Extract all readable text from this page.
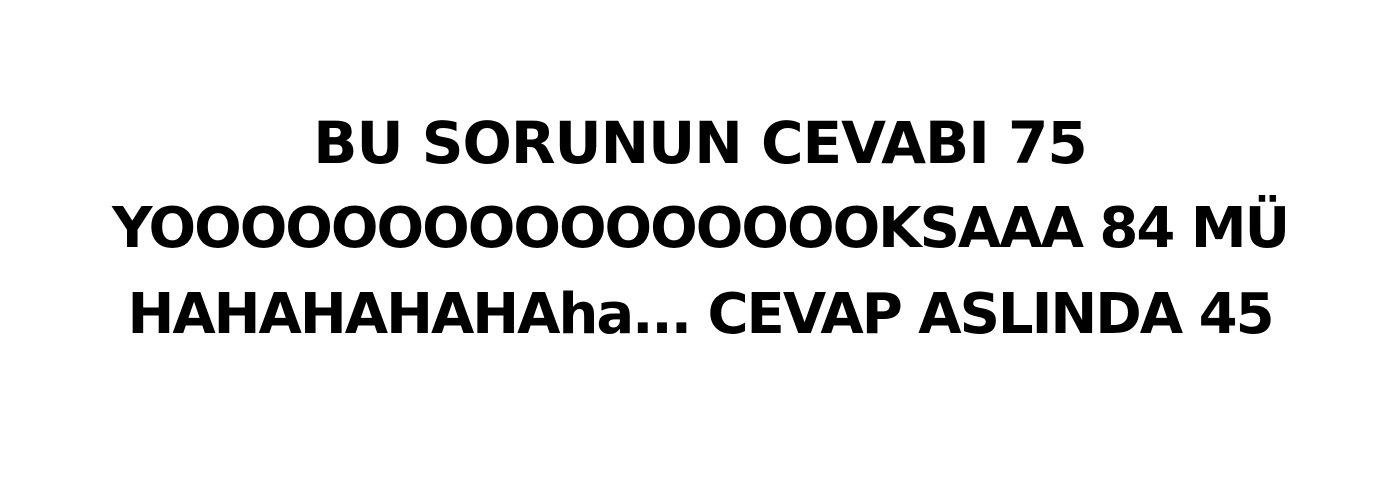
BU SORUNUN CEVABI 75
YOOOOOOOOOOOOOOOOKSAAA 84 MÜ
HAHAHAHAHAha... CEVAP ASLINDA 45
